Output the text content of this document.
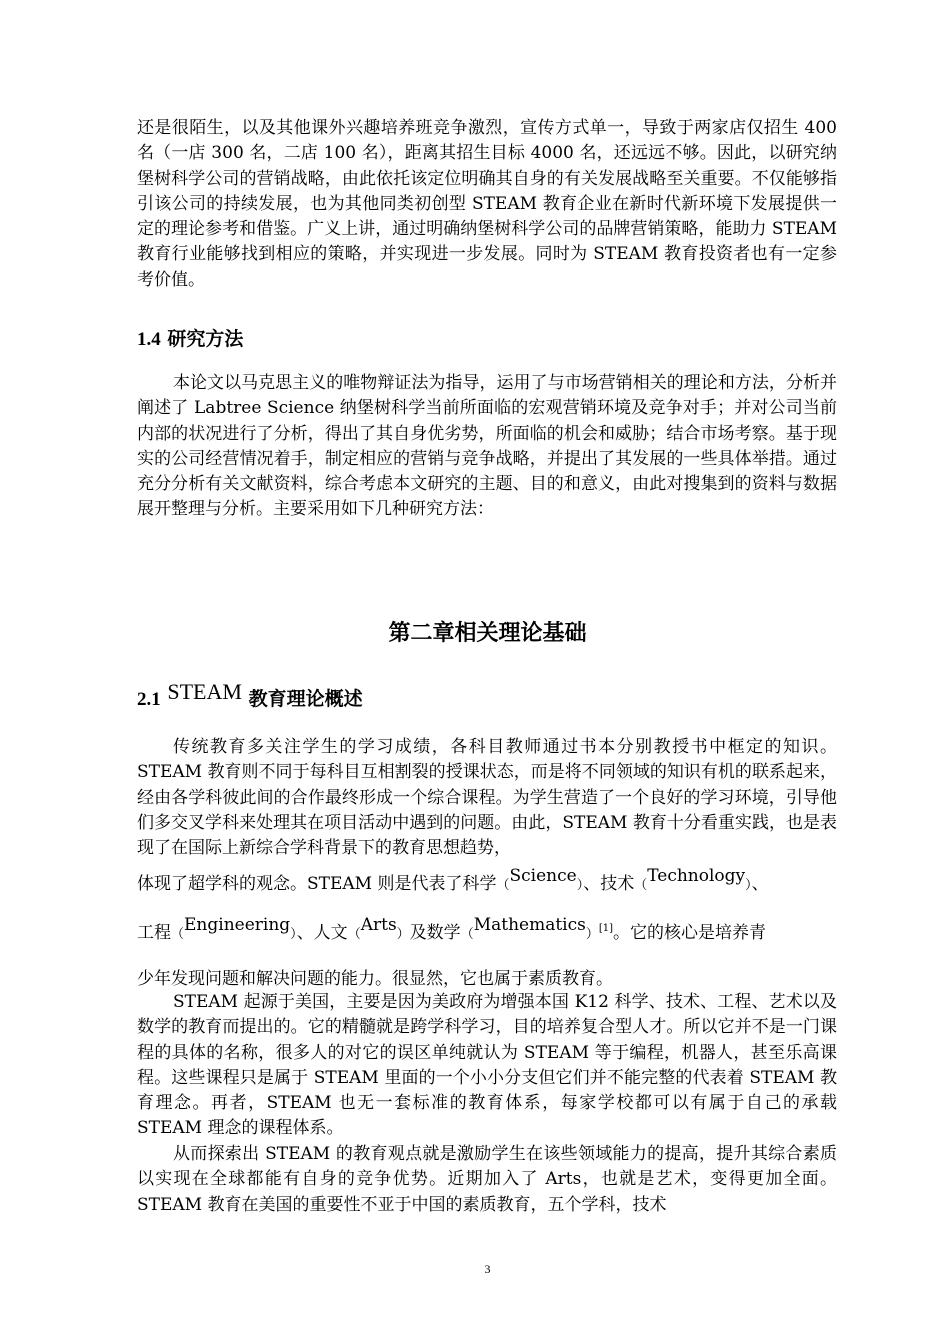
还是很陌生，以及其他课外兴趣培养班竞争激烈，宣传方式单一，导致于两家店仅招生 400 名（一店 300 名，二店 100 名），距离其招生目标 4000 名，还远远不够。因此，以研究纳堡树科学公司的营销战略，由此依托该定位明确其自身的有关发展战略至关重要。不仅能够指引该公司的持续发展，也为其他同类初创型 STEAM 教育企业在新时代新环境下发展提供一定的理论参考和借鉴。广义上讲，通过明确纳堡树科学公司的品牌营销策略，能助力 STEAM 教育行业能够找到相应的策略，并实现进一步发展。同时为 STEAM 教育投资者也有一定参考价值。

1.4 研究方法

本论文以马克思主义的唯物辩证法为指导，运用了与市场营销相关的理论和方法，分析并阐述了 Labtree Science 纳堡树科学当前所面临的宏观营销环境及竞争对手；并对公司当前内部的状况进行了分析，得出了其自身优劣势，所面临的机会和威胁；结合市场考察。基于现实的公司经营情况着手，制定相应的营销与竞争战略，并提出了其发展的一些具体举措。通过充分分析有关文献资料，综合考虑本文研究的主题、目的和意义，由此对搜集到的资料与数据展开整理与分析。主要采用如下几种研究方法：

第二章相关理论基础
2.1 STEAM 教育理论概述

传统教育多关注学生的学习成绩，各科目教师通过书本分别教授书中框定的知识。STEAM 教育则不同于每科目互相割裂的授课状态，而是将不同领域的知识有机的联系起来，经由各学科彼此间的合作最终形成一个综合课程。为学生营造了一个良好的学习环境，引导他们多交叉学科来处理其在项目活动中遇到的问题。由此，STEAM 教育十分看重实践，也是表现了在国际上新综合学科背景下的教育思想趋势，

体现了超学科的观念。STEAM 则是代表了科学（Science）、技术（Technology）、

工程（Engineering）、人文（Arts）及数学（Mathematics）[1]。它的核心是培养青

少年发现问题和解决问题的能力。很显然，它也属于素质教育。

STEAM 起源于美国，主要是因为美政府为增强本国 K12 科学、技术、工程、艺术以及数学的教育而提出的。它的精髓就是跨学科学习，目的培养复合型人才。所以它并不是一门课程的具体的名称，很多人的对它的误区单纯就认为 STEAM 等于编程，机器人，甚至乐高课程。这些课程只是属于 STEAM 里面的一个小小分支但它们并不能完整的代表着 STEAM 教育理念。再者，STEAM 也无一套标准的教育体系，每家学校都可以有属于自己的承载 STEAM 理念的课程体系。

从而探索出 STEAM 的教育观点就是激励学生在该些领域能力的提高，提升其综合素质以实现在全球都能有自身的竞争优势。近期加入了 Arts，也就是艺术，变得更加全面。STEAM 教育在美国的重要性不亚于中国的素质教育，五个学科，技术

3
